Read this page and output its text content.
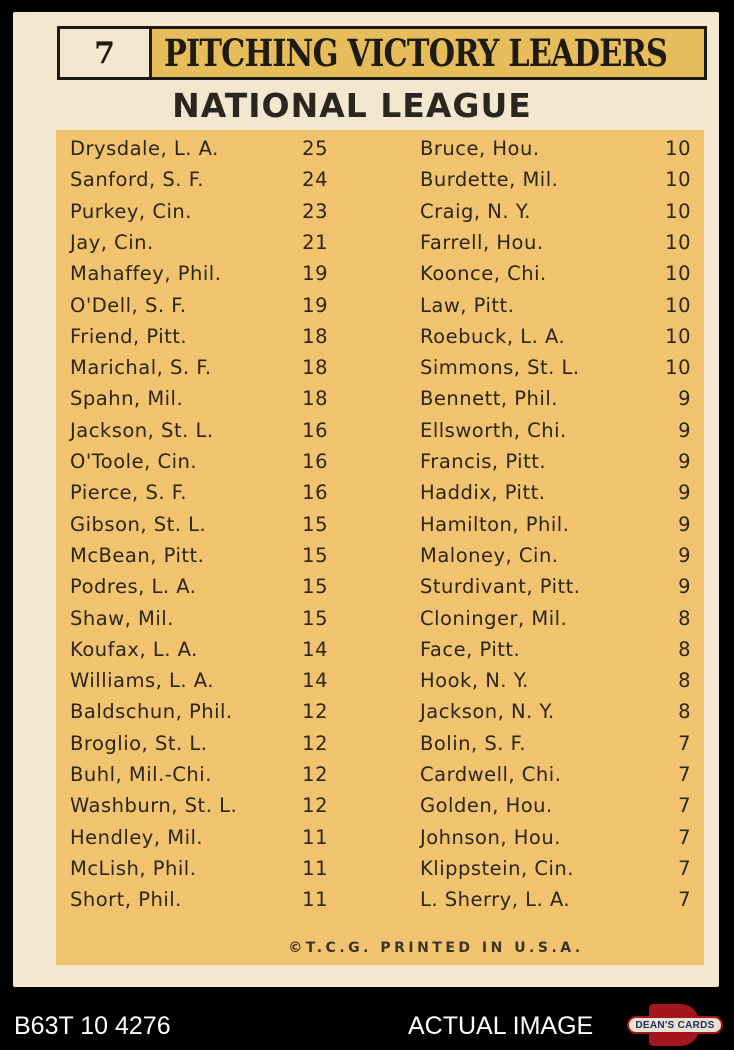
7	PITCHING VICTORY LEADERS
NATIONAL LEAGUE
Drysdale, L. A.	25
Sanford, S. F.	24
Purkey, Cin.	23
Jay, Cin.	21
Mahaffey, Phil.	19
O'Dell, S. F.	19
Friend, Pitt.	18
Marichal, S. F.	18
Spahn, Mil.	18
Jackson, St. L.	16
O'Toole, Cin.	16
Pierce, S. F.	16
Gibson, St. L.	15
McBean, Pitt.	15
Podres, L. A.	15
Shaw, Mil.	15
Koufax, L. A.	14
Williams, L. A.	14
Baldschun, Phil.	12
Broglio, St. L.	12
Buhl, Mil.-Chi.	12
Washburn, St. L.	12
Hendley, Mil.	11
McLish, Phil.	11
Short, Phil.	11
Bruce, Hou.	10
Burdette, Mil.	10
Craig, N. Y.	10
Farrell, Hou.	10
Koonce, Chi.	10
Law, Pitt.	10
Roebuck, L. A.	10
Simmons, St. L.	10
Bennett, Phil.	9
Ellsworth, Chi.	9
Francis, Pitt.	9
Haddix, Pitt.	9
Hamilton, Phil.	9
Maloney, Cin.	9
Sturdivant, Pitt.	9
Cloninger, Mil.	8
Face, Pitt.	8
Hook, N. Y.	8
Jackson, N. Y.	8
Bolin, S. F.	7
Cardwell, Chi.	7
Golden, Hou.	7
Johnson, Hou.	7
Klippstein, Cin.	7
L. Sherry, L. A.	7
©T.C.G. PRINTED IN U.S.A.
B63T 10 4276	ACTUAL IMAGE	DEAN'S CARDS
